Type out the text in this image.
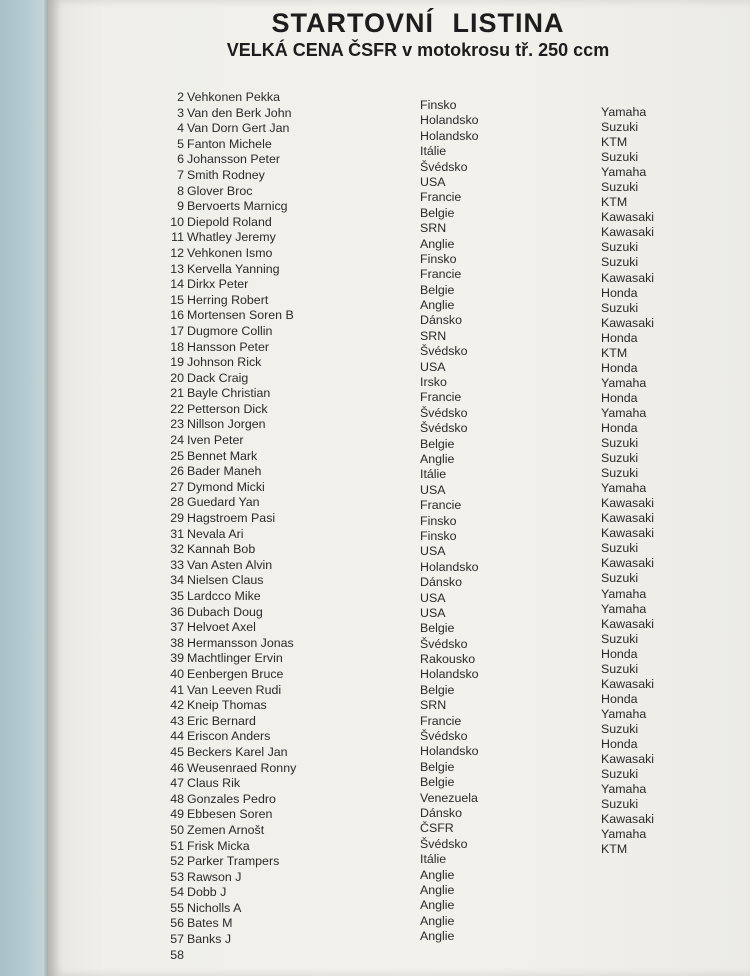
STARTOVNÍ LISTINA
VELKÁ CENA ČSFR v motokrosu tř. 250 ccm
2
3
4
5
6
7
8
9
10
11
12
13
14
15
16
17
18
19
20
21
22
23
24
25
26
27
28
29
31
32
33
34
35
36
37
38
39
40
41
42
43
44
45
46
47
48
49
50
51
52
53
54
55
56
57
58
Vehkonen Pekka
Van den Berk John
Van Dorn Gert Jan
Fanton Michele
Johansson Peter
Smith Rodney
Glover Broc
Bervoerts Marnicg
Diepold Roland
Whatley Jeremy
Vehkonen Ismo
Kervella Yanning
Dirkx Peter
Herring Robert
Mortensen Soren B
Dugmore Collin
Hansson Peter
Johnson Rick
Dack Craig
Bayle Christian
Petterson Dick
Nillson Jorgen
Iven Peter
Bennet Mark
Bader Maneh
Dymond Micki
Guedard Yan
Hagstroem Pasi
Nevala Ari
Kannah Bob
Van Asten Alvin
Nielsen Claus
Lardcco Mike
Dubach Doug
Helvoet Axel
Hermansson Jonas
Machtlinger Ervin
Eenbergen Bruce
Van Leeven Rudi
Kneip Thomas
Eric Bernard
Eriscon Anders
Beckers Karel Jan
Weusenraed Ronny
Claus Rik
Gonzales Pedro
Ebbesen Soren
Zemen Arnošt
Frisk Micka
Parker Trampers
Rawson J
Dobb J
Nicholls A
Bates M
Banks J
Finsko
Holandsko
Holandsko
Itálie
Švédsko
USA
Francie
Belgie
SRN
Anglie
Finsko
Francie
Belgie
Anglie
Dánsko
SRN
Švédsko
USA
Irsko
Francie
Švédsko
Švédsko
Belgie
Anglie
Itálie
USA
Francie
Finsko
Finsko
USA
Holandsko
Dánsko
USA
USA
Belgie
Švédsko
Rakousko
Holandsko
Belgie
SRN
Francie
Švédsko
Holandsko
Belgie
Belgie
Venezuela
Dánsko
ČSFR
Švédsko
Itálie
Anglie
Anglie
Anglie
Anglie
Anglie
Yamaha
Suzuki
KTM
Suzuki
Yamaha
Suzuki
KTM
Kawasaki
Kawasaki
Suzuki
Suzuki
Kawasaki
Honda
Suzuki
Kawasaki
Honda
KTM
Honda
Yamaha
Honda
Yamaha
Honda
Suzuki
Suzuki
Suzuki
Yamaha
Kawasaki
Kawasaki
Kawasaki
Suzuki
Kawasaki
Suzuki
Yamaha
Yamaha
Kawasaki
Suzuki
Honda
Suzuki
Kawasaki
Honda
Yamaha
Suzuki
Honda
Kawasaki
Suzuki
Yamaha
Suzuki
Kawasaki
Yamaha
KTM
